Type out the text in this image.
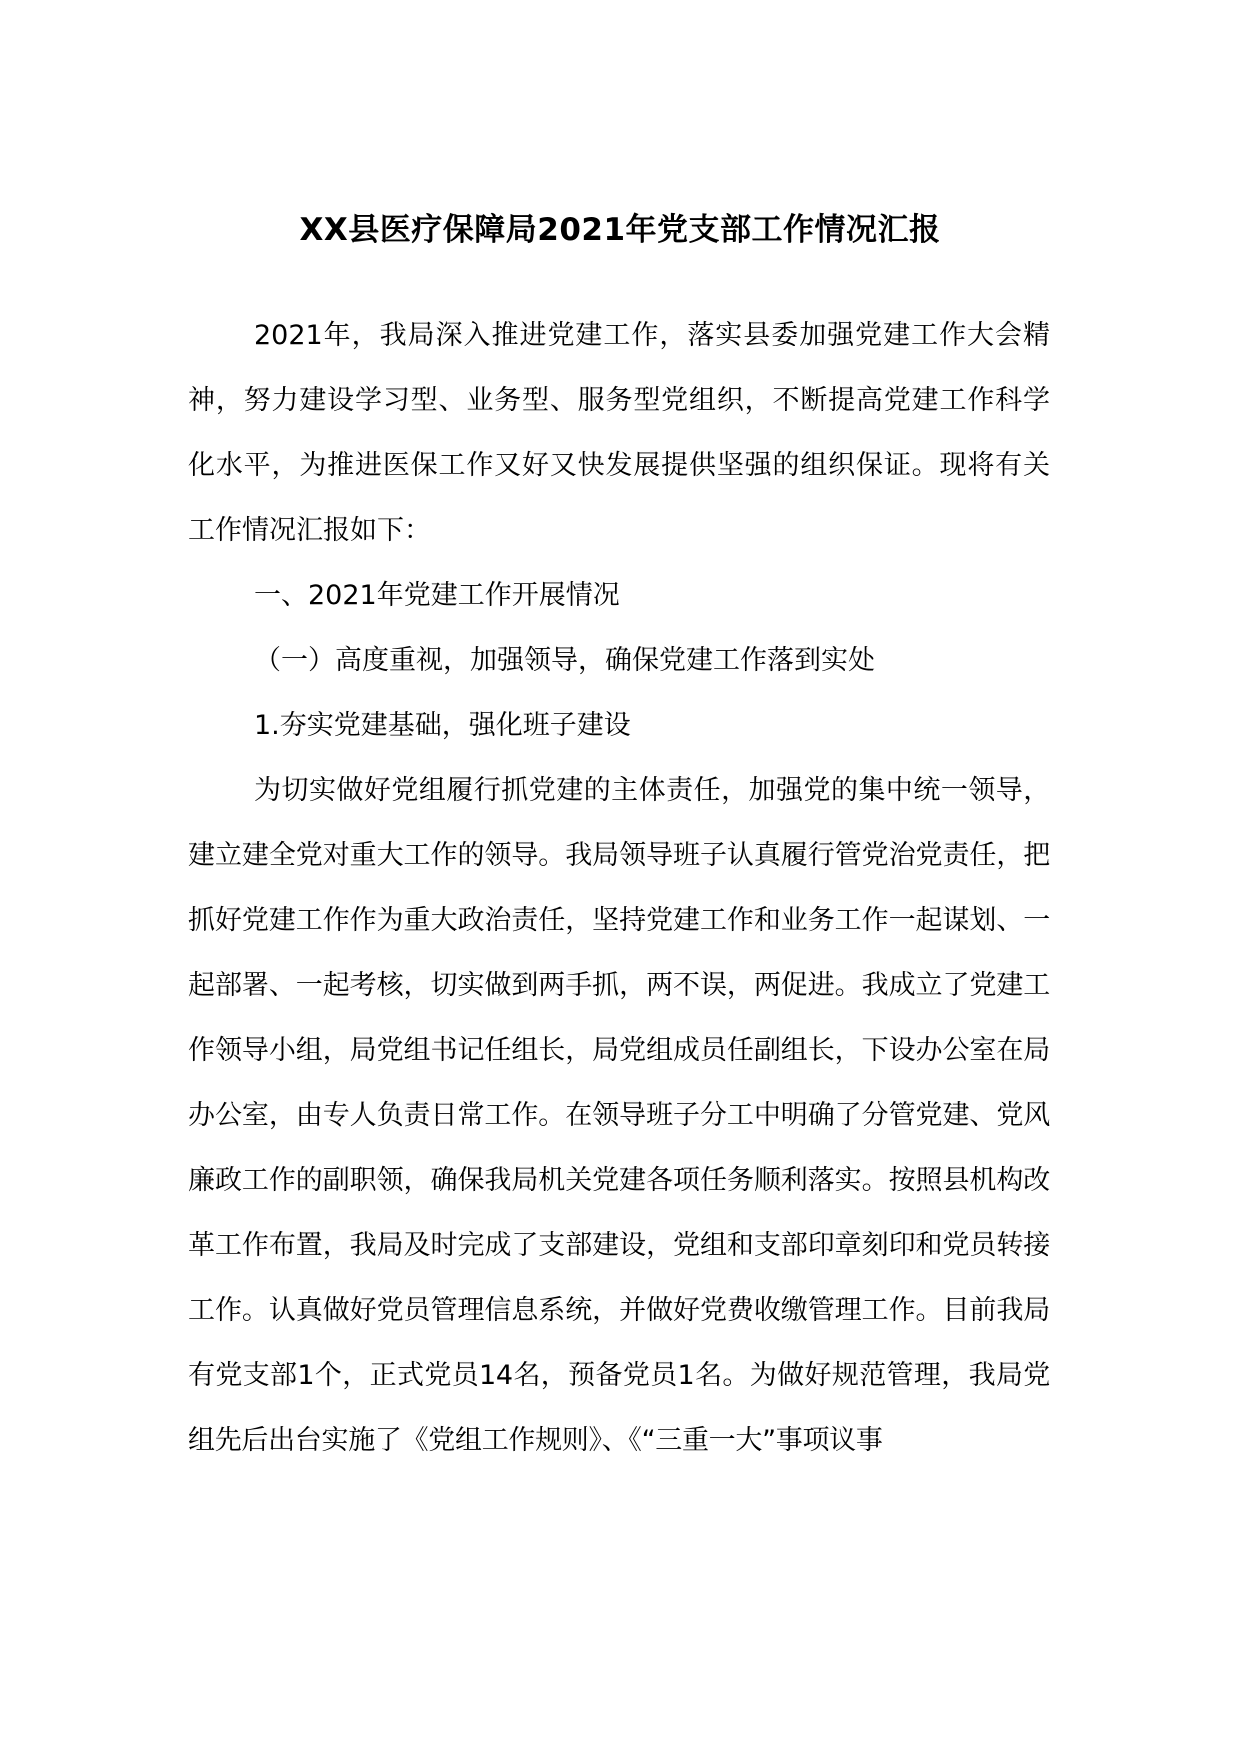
XX县医疗保障局2021年党支部工作情况汇报

2021年，我局深入推进党建工作，落实县委加强党建工作大会精神，努力建设学习型、业务型、服务型党组织，不断提高党建工作科学化水平，为推进医保工作又好又快发展提供坚强的组织保证。现将有关工作情况汇报如下：

一、2021年党建工作开展情况

（一）高度重视，加强领导，确保党建工作落到实处

1.夯实党建基础，强化班子建设

为切实做好党组履行抓党建的主体责任，加强党的集中统一领导，建立建全党对重大工作的领导。我局领导班子认真履行管党治党责任，把抓好党建工作作为重大政治责任，坚持党建工作和业务工作一起谋划、一起部署、一起考核，切实做到两手抓，两不误，两促进。我成立了党建工作领导小组，局党组书记任组长，局党组成员任副组长，下设办公室在局办公室，由专人负责日常工作。在领导班子分工中明确了分管党建、党风廉政工作的副职领，确保我局机关党建各项任务顺利落实。按照县机构改革工作布置，我局及时完成了支部建设，党组和支部印章刻印和党员转接工作。认真做好党员管理信息系统，并做好党费收缴管理工作。目前我局有党支部1个，正式党员14名，预备党员1名。为做好规范管理，我局党组先后出台实施了《党组工作规则》、《“三重一大”事项议事
